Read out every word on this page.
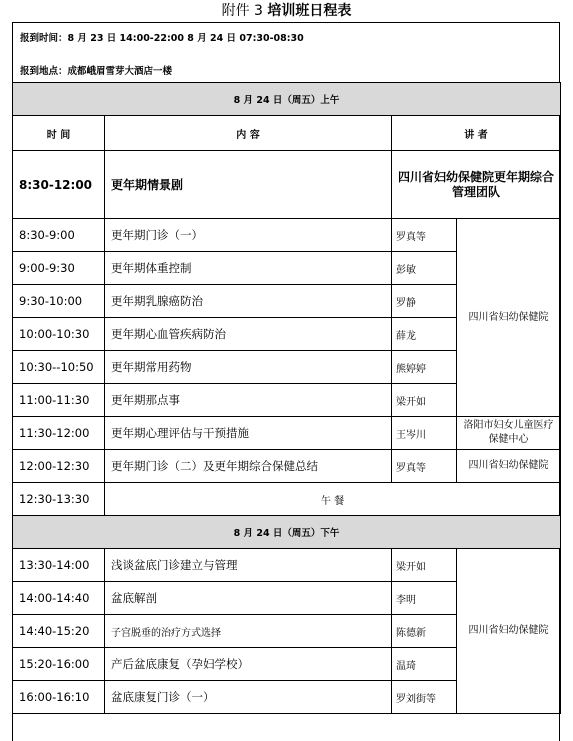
附件 3 培训班日程表
报到时间：8 月 23 日 14:00-22:00 8 月 24 日 07:30-08:30
报到地点：成都峨眉雪芽大酒店一楼
8 月 24 日（周五）上午			
时 间	内 容	讲 者	
8:30-12:00	更年期情景剧	四川省妇幼保健院更年期综合管理团队	
8:30-9:00	更年期门诊（一）	罗真等	四川省妇幼保健院
9:00-9:30	更年期体重控制	彭敏	
9:30-10:00	更年期乳腺癌防治	罗静	
10:00-10:30	更年期心血管疾病防治	薛龙	
10:30--10:50	更年期常用药物	熊婷婷	
11:00-11:30	更年期那点事	梁开如	
11:30-12:00	更年期心理评估与干预措施	王岑川	洛阳市妇女儿童医疗保健中心
12:00-12:30	更年期门诊（二）及更年期综合保健总结	罗真等	四川省妇幼保健院
12:30-13:30	午 餐		
8 月 24 日（周五）下午			
13:30-14:00	浅谈盆底门诊建立与管理	梁开如	四川省妇幼保健院
14:00-14:40	盆底解剖	李明	
14:40-15:20	子宫脱垂的治疗方式选择	陈德新	
15:20-16:00	产后盆底康复（孕妇学校）	温琦	
16:00-16:10	盆底康复门诊（一）	罗刘街等	
